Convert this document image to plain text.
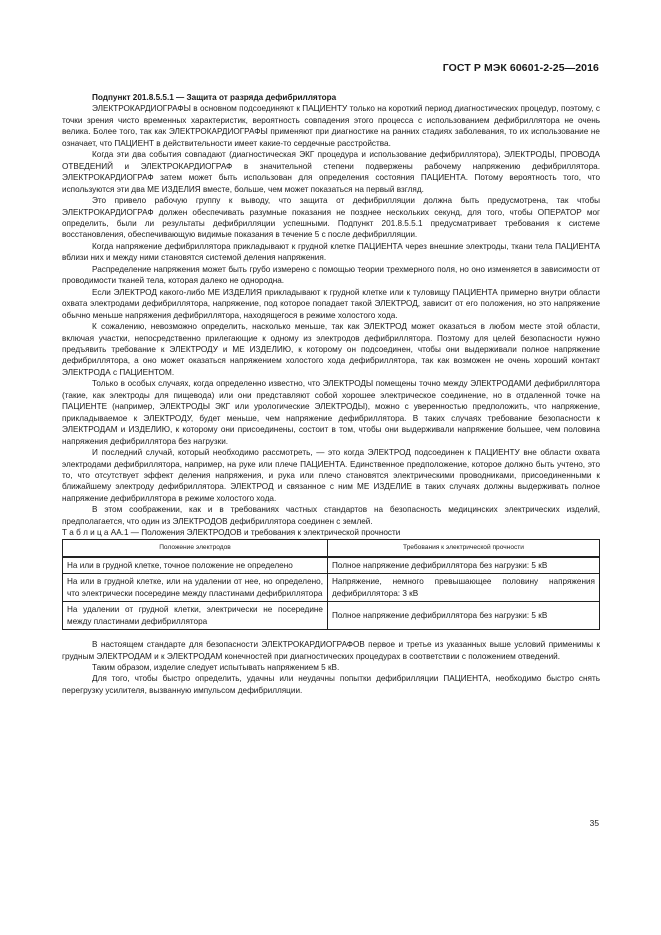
ГОСТ Р МЭК 60601-2-25—2016

Подпункт 201.8.5.5.1 — Защита от разряда дефибриллятора

ЭЛЕКТРОКАРДИОГРАФЫ в основном подсоединяют к ПАЦИЕНТУ только на короткий период диагностических процедур, поэтому, с точки зрения чисто временных характеристик, вероятность совпадения этого процесса с использованием дефибриллятора не очень велика. Более того, так как ЭЛЕКТРОКАРДИОГРАФЫ применяют при диагностике на ранних стадиях заболевания, то их использование не означает, что ПАЦИЕНТ в действительности имеет какие-то сердечные расстройства.

Когда эти два события совпадают (диагностическая ЭКГ процедура и использование дефибриллятора), ЭЛЕКТРОДЫ, ПРОВОДА ОТВЕДЕНИЙ и ЭЛЕКТРОКАРДИОГРАФ в значительной степени подвержены рабочему напряжению дефибриллятора. ЭЛЕКТРОКАРДИОГРАФ затем может быть использован для определения состояния ПАЦИЕНТА. Потому вероятность того, что используются эти два МЕ ИЗДЕЛИЯ вместе, больше, чем может показаться на первый взгляд.

Это привело рабочую группу к выводу, что защита от дефибрилляции должна быть предусмотрена, так чтобы ЭЛЕКТРОКАРДИОГРАФ должен обеспечивать разумные показания не позднее нескольких секунд, для того, чтобы ОПЕРАТОР мог определить, были ли результаты дефибрилляции успешными. Подпункт 201.8.5.5.1 предусматривает требования к системе восстановления, обеспечивающую видимые показания в течение 5 с после дефибрилляции.

Когда напряжение дефибриллятора прикладывают к грудной клетке ПАЦИЕНТА через внешние электроды, ткани тела ПАЦИЕНТА вблизи них и между ними становятся системой деления напряжения.

Распределение напряжения может быть грубо измерено с помощью теории трехмерного поля, но оно изменяется в зависимости от проводимости тканей тела, которая далеко не однородна.

Если ЭЛЕКТРОД какого-либо МЕ ИЗДЕЛИЯ прикладывают к грудной клетке или к туловищу ПАЦИЕНТА примерно внутри области охвата электродами дефибриллятора, напряжение, под которое попадает такой ЭЛЕКТРОД, зависит от его положения, но это напряжение обычно меньше напряжения дефибриллятора, находящегося в режиме холостого хода.

К сожалению, невозможно определить, насколько меньше, так как ЭЛЕКТРОД может оказаться в любом месте этой области, включая участки, непосредственно прилегающие к одному из электродов дефибриллятора. Поэтому для целей безопасности нужно предъявить требование к ЭЛЕКТРОДУ и МЕ ИЗДЕЛИЮ, к которому он подсоединен, чтобы они выдерживали полное напряжение дефибриллятора, а оно может оказаться напряжением холостого хода дефибриллятора, так как возможен не очень хороший контакт ЭЛЕКТРОДА с ПАЦИЕНТОМ.

Только в особых случаях, когда определенно известно, что ЭЛЕКТРОДЫ помещены точно между ЭЛЕКТРОДАМИ дефибриллятора (такие, как электроды для пищевода) или они представляют собой хорошее электрическое соединение, но в отдаленной точке на ПАЦИЕНТЕ (например, ЭЛЕКТРОДЫ ЭКГ или урологические ЭЛЕКТРОДЫ), можно с уверенностью предположить, что напряжение, прикладываемое к ЭЛЕКТРОДУ, будет меньше, чем напряжение дефибриллятора. В таких случаях требование безопасности к ЭЛЕКТРОДАМ и ИЗДЕЛИЮ, к которому они присоединены, состоит в том, чтобы они выдерживали напряжение большее, чем половина напряжения дефибриллятора без нагрузки.

И последний случай, который необходимо рассмотреть, — это когда ЭЛЕКТРОД подсоединен к ПАЦИЕНТУ вне области охвата электродами дефибриллятора, например, на руке или плече ПАЦИЕНТА. Единственное предположение, которое должно быть учтено, это то, что отсутствует эффект деления напряжения, и рука или плечо становятся электрическими проводниками, присоединенными к ближайшему электроду дефибриллятора. ЭЛЕКТРОД и связанное с ним МЕ ИЗДЕЛИЕ в таких случаях должны выдерживать полное напряжение дефибриллятора в режиме холостого хода.

В этом соображении, как и в требованиях частных стандартов на безопасность медицинских электрических изделий, предполагается, что один из ЭЛЕКТРОДОВ дефибриллятора соединен с землей.

Т а б л и ц а АА.1 — Положения ЭЛЕКТРОДОВ и требования к электрической прочности

Положение электродов	Требования к электрической прочности
На или в грудной клетке, точное положение не определено	Полное напряжение дефибриллятора без нагрузки: 5 кВ
На или в грудной клетке, или на удалении от нее, но определено, что электрически посередине между пластинами дефибриллятора	Напряжение, немного превышающее половину напряжения дефибриллятора: 3 кВ
На удалении от грудной клетки, электрически не посередине между пластинами дефибриллятора	Полное напряжение дефибриллятора без нагрузки: 5 кВ

В настоящем стандарте для безопасности ЭЛЕКТРОКАРДИОГРАФОВ первое и третье из указанных выше условий применимы к грудным ЭЛЕКТРОДАМ и к ЭЛЕКТРОДАМ конечностей при диагностических процедурах в соответствии с положением отведений.

Таким образом, изделие следует испытывать напряжением 5 кВ.

Для того, чтобы быстро определить, удачны или неудачны попытки дефибрилляции ПАЦИЕНТА, необходимо быстро снять перегрузку усилителя, вызванную импульсом дефибрилляции.

35
